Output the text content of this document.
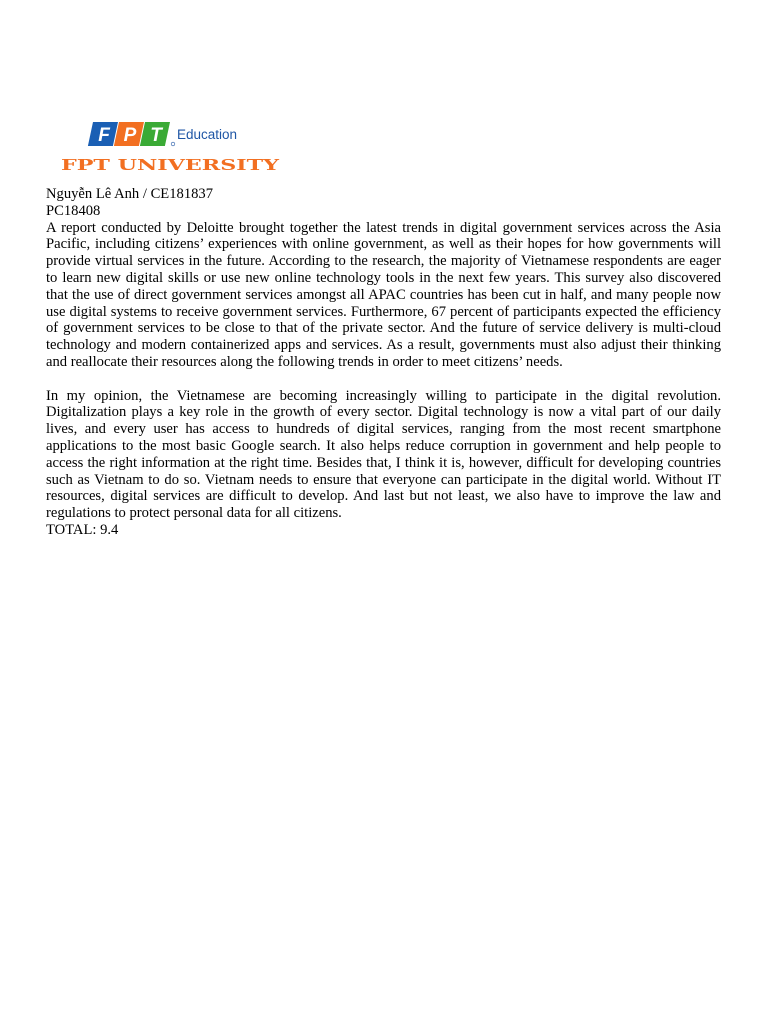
F P T Education
FPT UNIVERSITY
Nguyễn Lê Anh / CE181837
PC18408

A report conducted by Deloitte brought together the latest trends in digital government services across the Asia Pacific, including citizens’ experiences with online government, as well as their hopes for how governments will provide virtual services in the future. According to the research, the majority of Vietnamese respondents are eager to learn new digital skills or use new online technology tools in the next few years. This survey also discovered that the use of direct government services amongst all APAC countries has been cut in half, and many people now use digital systems to receive government services. Furthermore, 67 percent of participants expected the efficiency of government services to be close to that of the private sector. And the future of service delivery is multi-cloud technology and modern containerized apps and services. As a result, governments must also adjust their thinking and reallocate their resources along the following trends in order to meet citizens’ needs.

In my opinion, the Vietnamese are becoming increasingly willing to participate in the digital revolution. Digitalization plays a key role in the growth of every sector. Digital technology is now a vital part of our daily lives, and every user has access to hundreds of digital services, ranging from the most recent smartphone applications to the most basic Google search. It also helps reduce corruption in government and help people to access the right information at the right time. Besides that, I think it is, however, difficult for developing countries such as Vietnam to do so. Vietnam needs to ensure that everyone can participate in the digital world. Without IT resources, digital services are difficult to develop. And last but not least, we also have to improve the law and regulations to protect personal data for all citizens.

TOTAL: 9.4
